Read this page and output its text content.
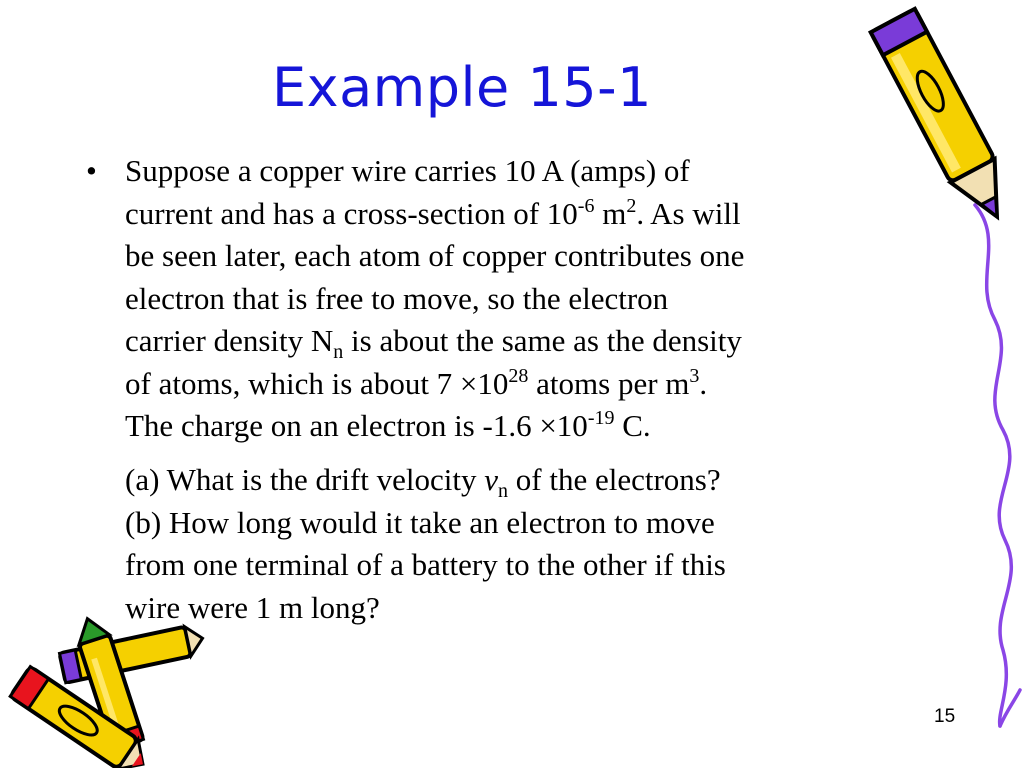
Example 15-1
• Suppose a copper wire carries 10 A (amps) of
current and has a cross-section of $10^{-6}$ $m^2$. As will
be seen later, each atom of copper contributes one
electron that is free to move, so the electron
carrier density $N_n$ is about the same as the density
of atoms, which is about $7 \times 10^{28}$ atoms per $m^3$.
The charge on an electron is $-1.6 \times 10^{-19}$ C.
(a) What is the drift velocity $v_n$ of the electrons?
(b) How long would it take an electron to move
from one terminal of a battery to the other if this
wire were 1 m long?
15
